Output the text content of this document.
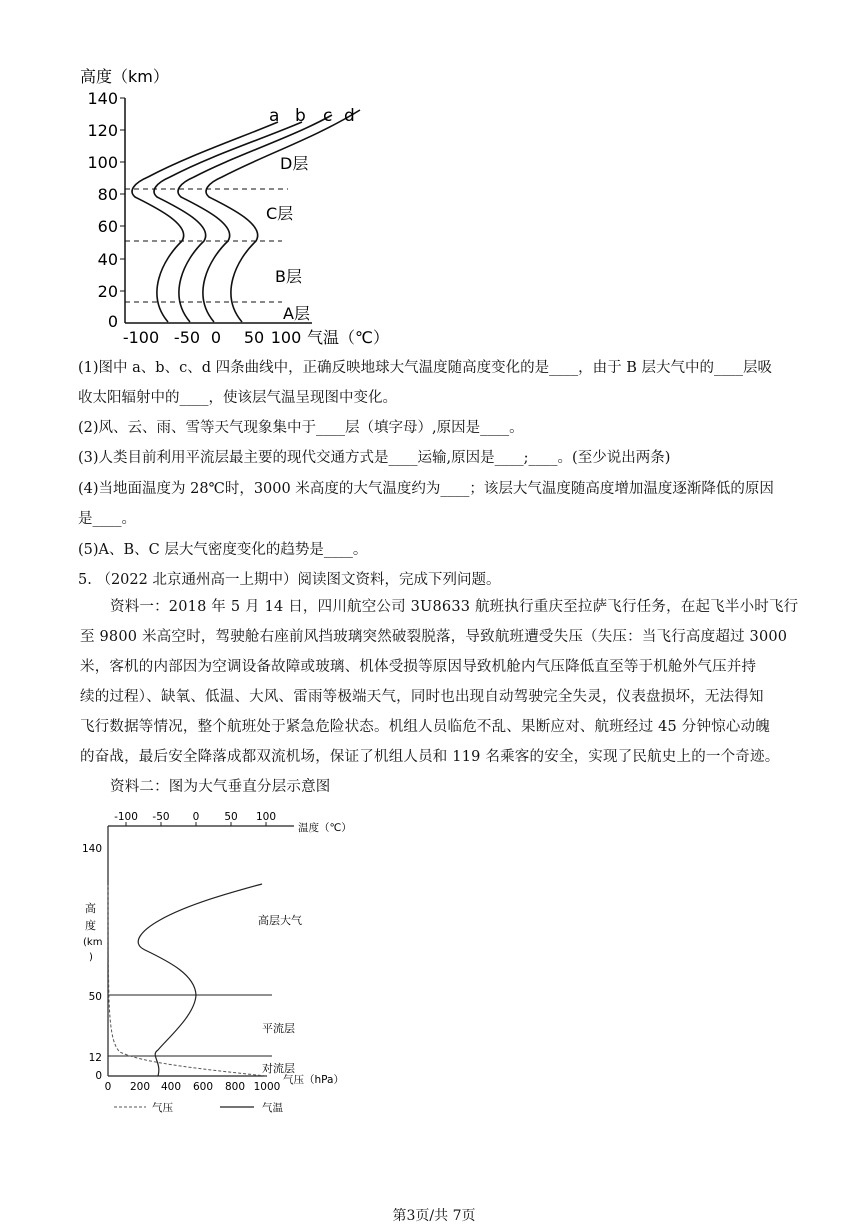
高度（km）
140
120
100
80
60
40
20
0
-100 -50 0 50 100 气温（℃）
a b c d
D层
C层
B层
A层
(1)图中 a、b、c、d 四条曲线中，正确反映地球大气温度随高度变化的是____，由于 B 层大气中的____层吸
收太阳辐射中的____，使该层气温呈现图中变化。
(2)风、云、雨、雪等天气现象集中于____层（填字母）,原因是____。
(3)人类目前利用平流层最主要的现代交通方式是____运输,原因是____;____。(至少说出两条)
(4)当地面温度为 28℃时，3000 米高度的大气温度约为____；该层大气温度随高度增加温度逐渐降低的原因
是____。
(5)A、B、C 层大气密度变化的趋势是____。
5. （2022 北京通州高一上期中）阅读图文资料，完成下列问题。
资料一：2018 年 5 月 14 日，四川航空公司 3U8633 航班执行重庆至拉萨飞行任务，在起飞半小时飞行
至 9800 米高空时，驾驶舱右座前风挡玻璃突然破裂脱落，导致航班遭受失压（失压：当飞行高度超过 3000
米，客机的内部因为空调设备故障或玻璃、机体受损等原因导致机舱内气压降低直至等于机舱外气压并持
续的过程）、缺氧、低温、大风、雷雨等极端天气，同时也出现自动驾驶完全失灵，仪表盘损坏，无法得知
飞行数据等情况，整个航班处于紧急危险状态。机组人员临危不乱、果断应对、航班经过 45 分钟惊心动魄
的奋战，最后安全降落成都双流机场，保证了机组人员和 119 名乘客的安全，实现了民航史上的一个奇迹。
资料二：图为大气垂直分层示意图
-100 -50 0 50 100
温度（℃）
140
50
12
0
高
度
(km
)
高层大气
平流层
对流层
0 200 400 600 800 1000
气压（hPa）
气压	气温
第3页/共 7页
